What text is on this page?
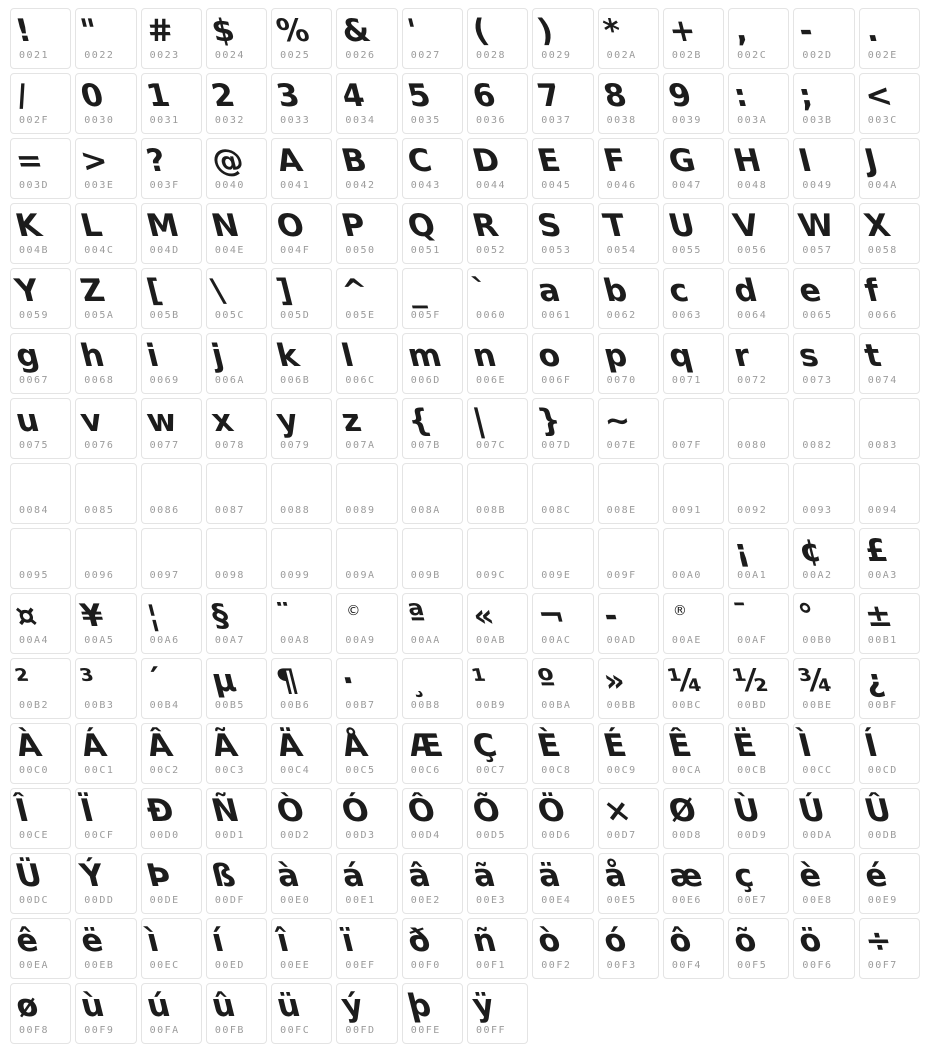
!
0021
"
0022
#
0023
$
0024
%
0025
&
0026
'
0027
(
0028
)
0029
*
002A
+
002B
,
002C
-
002D
.
002E
/
002F
0
0030
1
0031
2
0032
3
0033
4
0034
5
0035
6
0036
7
0037
8
0038
9
0039
:
003A
;
003B
<
003C
=
003D
>
003E
?
003F
@
0040
A
0041
B
0042
C
0043
D
0044
E
0045
F
0046
G
0047
H
0048
I
0049
J
004A
K
004B
L
004C
M
004D
N
004E
O
004F
P
0050
Q
0051
R
0052
S
0053
T
0054
U
0055
V
0056
W
0057
X
0058
Y
0059
Z
005A
[
005B
\
005C
]
005D
^
005E
_
005F
`
0060
a
0061
b
0062
c
0063
d
0064
e
0065
f
0066
g
0067
h
0068
i
0069
j
006A
k
006B
l
006C
m
006D
n
006E
o
006F
p
0070
q
0071
r
0072
s
0073
t
0074
u
0075
v
0076
w
0077
x
0078
y
0079
z
007A
{
007B
|
007C
}
007D
~
007E	007F	0080	0082	0083
0084	0085	0086	0087	0088	0089	008A	008B	008C	008E	0091	0092	0093	0094
0095	0096	0097	0098	0099	009A	009B	009C	009E	009F	00A0
¡
00A1
¢
00A2
£
00A3
¤
00A4
¥
00A5
¦
00A6
§
00A7
¨
00A8
©
00A9
ª
00AA
«
00AB
¬
00AC
-
00AD
®
00AE
¯
00AF
°
00B0
±
00B1
²
00B2
³
00B3
´
00B4
µ
00B5
¶
00B6
·
00B7
¸
00B8
¹
00B9
º
00BA
»
00BB
¼
00BC
½
00BD
¾
00BE
¿
00BF
À
00C0
Á
00C1
Â
00C2
Ã
00C3
Ä
00C4
Å
00C5
Æ
00C6
Ç
00C7
È
00C8
É
00C9
Ê
00CA
Ë
00CB
Ì
00CC
Í
00CD
Î
00CE
Ï
00CF
Ð
00D0
Ñ
00D1
Ò
00D2
Ó
00D3
Ô
00D4
Õ
00D5
Ö
00D6
×
00D7
Ø
00D8
Ù
00D9
Ú
00DA
Û
00DB
Ü
00DC
Ý
00DD
Þ
00DE
ß
00DF
à
00E0
á
00E1
â
00E2
ã
00E3
ä
00E4
å
00E5
æ
00E6
ç
00E7
è
00E8
é
00E9
ê
00EA
ë
00EB
ì
00EC
í
00ED
î
00EE
ï
00EF
ð
00F0
ñ
00F1
ò
00F2
ó
00F3
ô
00F4
õ
00F5
ö
00F6
÷
00F7
ø
00F8
ù
00F9
ú
00FA
û
00FB
ü
00FC
ý
00FD
þ
00FE
ÿ
00FF
